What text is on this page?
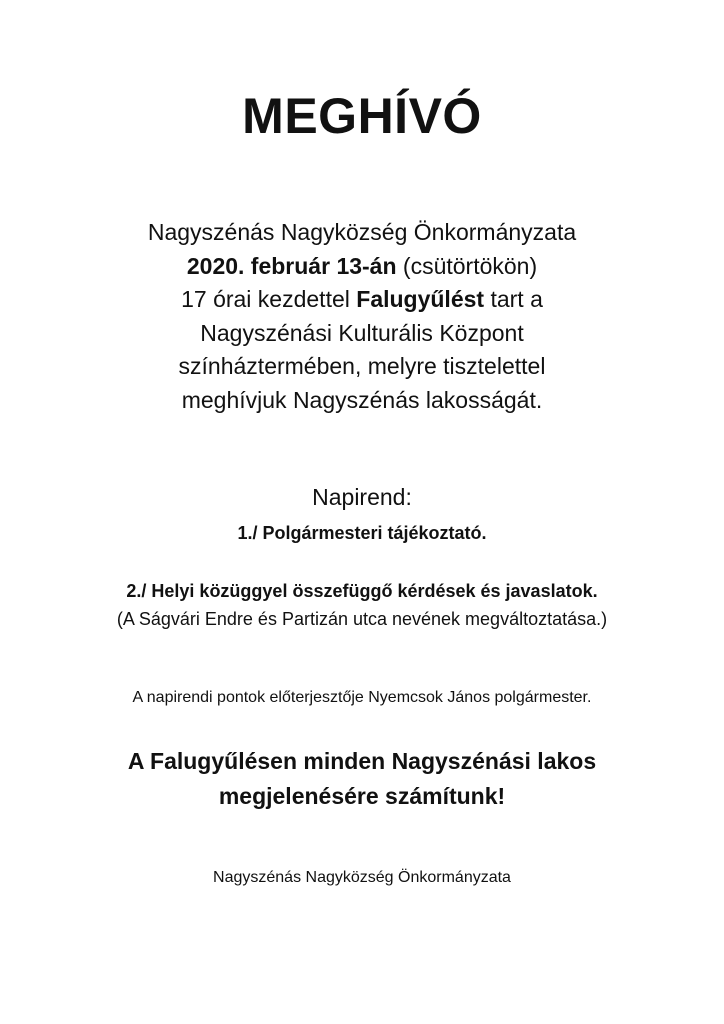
MEGHÍVÓ
Nagyszénás Nagyközség Önkormányzata
2020. február 13-án (csütörtökön)
17 órai kezdettel Falugyűlést tart a
Nagyszénási Kulturális Központ
színháztermében, melyre tisztelettel
meghívjuk Nagyszénás lakosságát.
Napirend:
1./ Polgármesteri tájékoztató.
2./ Helyi közüggyel összefüggő kérdések és javaslatok.
(A Ságvári Endre és Partizán utca nevének megváltoztatása.)
A napirendi pontok előterjesztője Nyemcsok János polgármester.
A Falugyűlésen minden Nagyszénási lakos
megjelenésére számítunk!
Nagyszénás Nagyközség Önkormányzata
